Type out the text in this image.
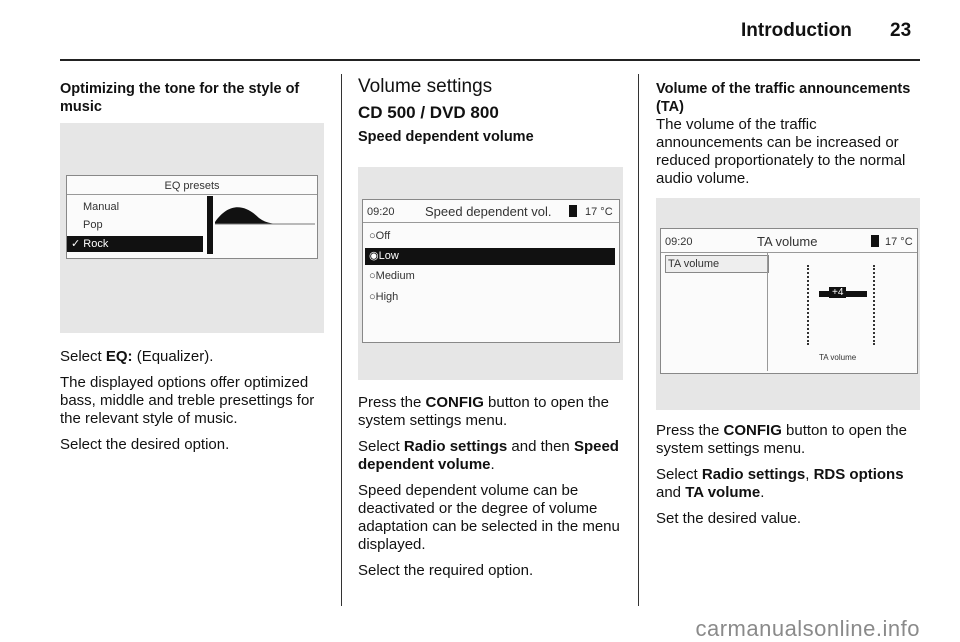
Introduction 23
Optimizing the tone for the style of music
EQ presets
Manual
Pop
✓ Rock

Select EQ: (Equalizer).

The displayed options offer optimized bass, middle and treble presettings for the relevant style of music.

Select the desired option.

Volume settings
CD 500 / DVD 800
Speed dependent volume
09:20 Speed dependent vol.	17 °C
○Off
◉Low
○Medium
○High

Press the CONFIG button to open the system settings menu.

Select Radio settings and then Speed dependent volume.

Speed dependent volume can be deactivated or the degree of volume adaptation can be selected in the menu displayed.

Select the required option.

Volume of the traffic announcements (TA)

The volume of the traffic announcements can be increased or reduced proportionately to the normal audio volume.

09:20	TA volume	17 °C
TA volume
+4
TA volume

Press the CONFIG button to open the system settings menu.

Select Radio settings, RDS options and TA volume.

Set the desired value.

carmanualsonline.info
